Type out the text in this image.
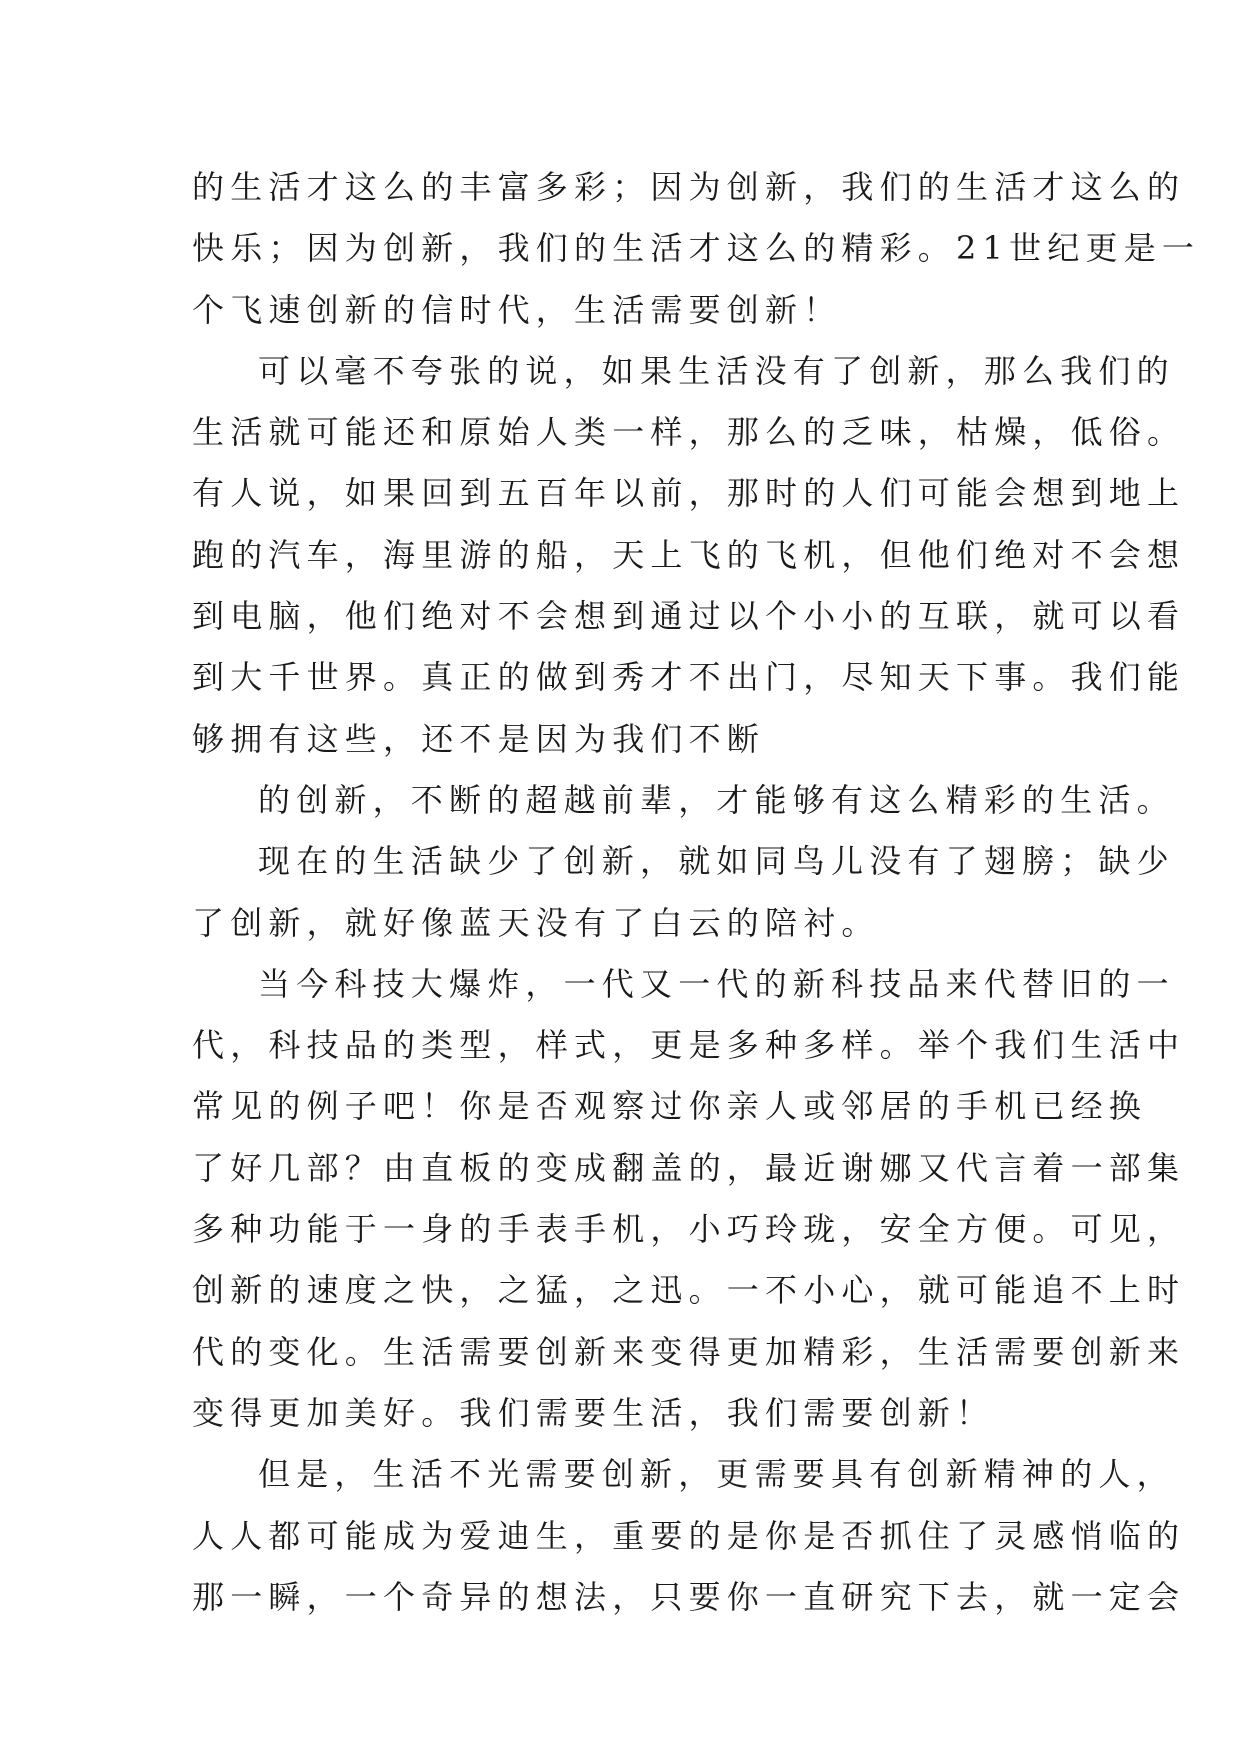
的生活才这么的丰富多彩；因为创新，我们的生活才这么的
快乐；因为创新，我们的生活才这么的精彩。21世纪更是一
个飞速创新的信时代，生活需要创新！
可以毫不夸张的说，如果生活没有了创新，那么我们的
生活就可能还和原始人类一样，那么的乏味，枯燥，低俗。
有人说，如果回到五百年以前，那时的人们可能会想到地上
跑的汽车，海里游的船，天上飞的飞机，但他们绝对不会想
到电脑，他们绝对不会想到通过以个小小的互联，就可以看
到大千世界。真正的做到秀才不出门，尽知天下事。我们能
够拥有这些，还不是因为我们不断
的创新，不断的超越前辈，才能够有这么精彩的生活。
现在的生活缺少了创新，就如同鸟儿没有了翅膀；缺少
了创新，就好像蓝天没有了白云的陪衬。
当今科技大爆炸，一代又一代的新科技品来代替旧的一
代，科技品的类型，样式，更是多种多样。举个我们生活中
常见的例子吧！你是否观察过你亲人或邻居的手机已经换
了好几部？由直板的变成翻盖的，最近谢娜又代言着一部集
多种功能于一身的手表手机，小巧玲珑，安全方便。可见，
创新的速度之快，之猛，之迅。一不小心，就可能追不上时
代的变化。生活需要创新来变得更加精彩，生活需要创新来
变得更加美好。我们需要生活，我们需要创新！
但是，生活不光需要创新，更需要具有创新精神的人，
人人都可能成为爱迪生，重要的是你是否抓住了灵感悄临的
那一瞬，一个奇异的想法，只要你一直研究下去，就一定会
